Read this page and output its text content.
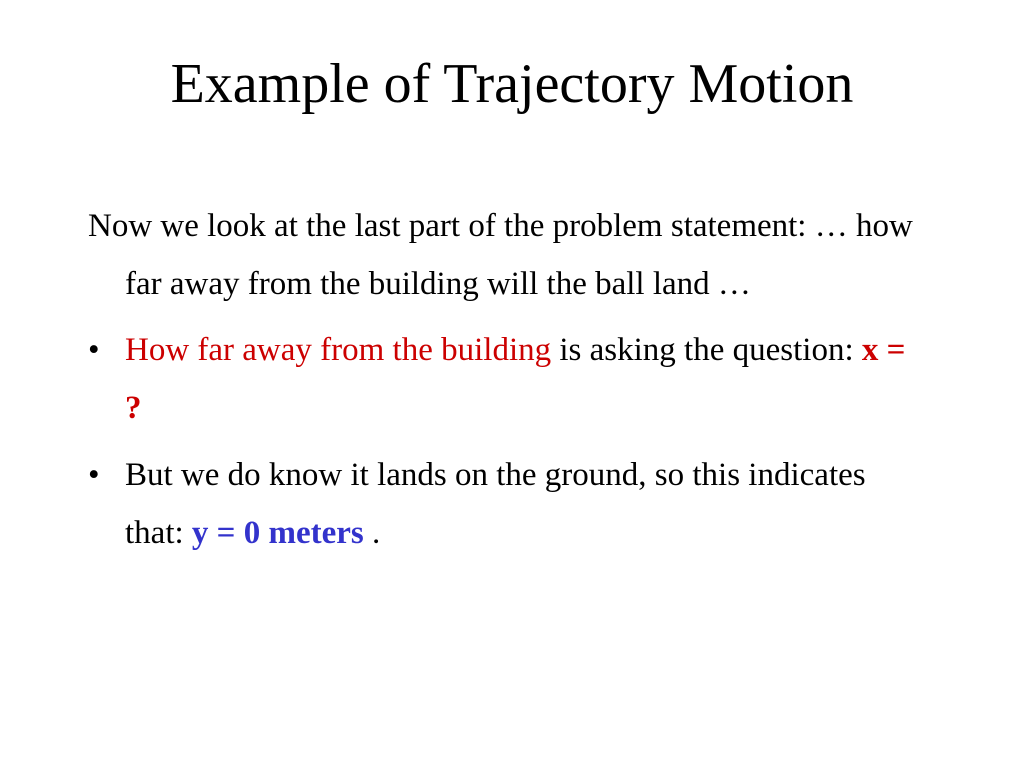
Example of Trajectory Motion

Now we look at the last part of the problem statement: … how far away from the building will the ball land …

• How far away from the building is asking the question: x = ?

• But we do know it lands on the ground, so this indicates that: y = 0 meters .
